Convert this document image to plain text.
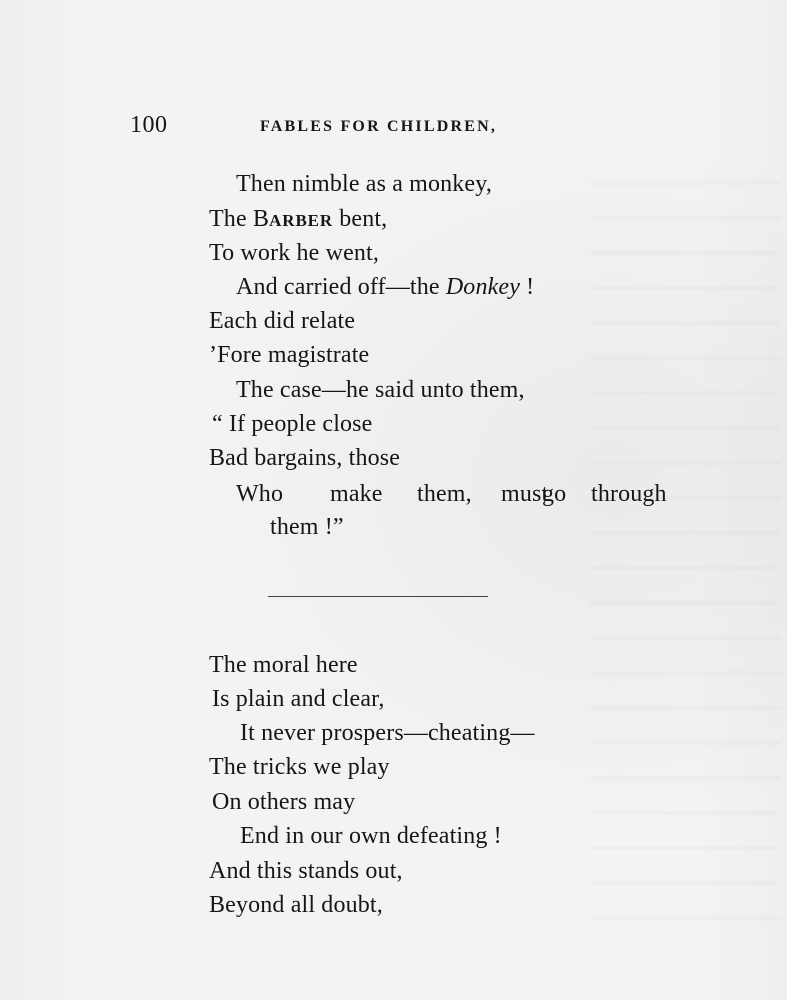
100	FABLES FOR CHILDREN,
Then nimble as a monkey,
The BARBER bent,
To work he went,
And carried off—the Donkey !
Each did relate
’Fore magistrate
The case—he said unto them,
“ If people close
Bad bargains, those
Who make them, must
go through
them !”
The moral here
Is plain and clear,
It never prospers—cheating—
The tricks we play
On others may
End in our own defeating !
And this stands out,
Beyond all doubt,
